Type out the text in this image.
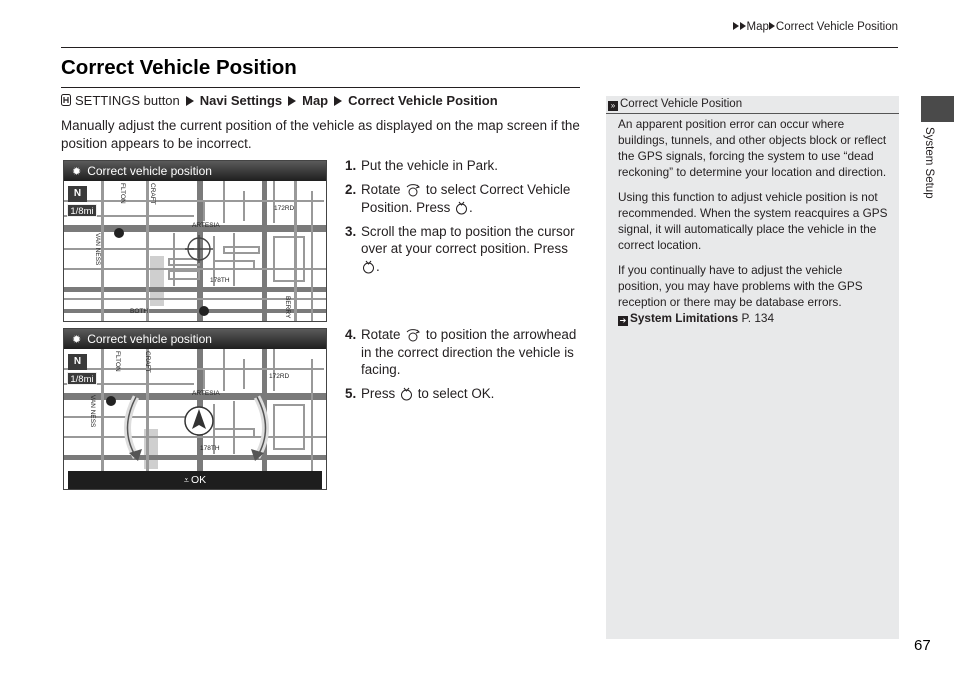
Map Correct Vehicle Position
Correct Vehicle Position
SETTINGS button Navi Settings Map Correct Vehicle Position
Manually adjust the current position of the vehicle as displayed on the map screen if the position appears to be incorrect.
✹ Correct vehicle position
N
1/8mi
ARTESIA
172RD
178TH
BOTH
VAN NESS
FLTON	CRAFT
BERRY
✹ Correct vehicle position
N
1/8mi
ARTESIA
172RD
178TH
VAN NESS
FLTON	CRAFT
⩡ OK
1. Put the vehicle in Park.
2. Rotate to select Correct Vehicle Position. Press .
3. Scroll the map to position the cursor over at your correct position. Press .
4. Rotate to position the arrowhead in the correct direction the vehicle is facing.
5. Press to select OK.
» Correct Vehicle Position

An apparent position error can occur where buildings, tunnels, and other objects block or reflect the GPS signals, forcing the system to use “dead reckoning” to determine your location and direction.

Using this function to adjust vehicle position is not recommended. When the system reacquires a GPS signal, it will automatically place the vehicle in the correct location.

If you continually have to adjust the vehicle position, you may have problems with the GPS reception or there may be database errors.

➔ System Limitations P. 134
System Setup
67
